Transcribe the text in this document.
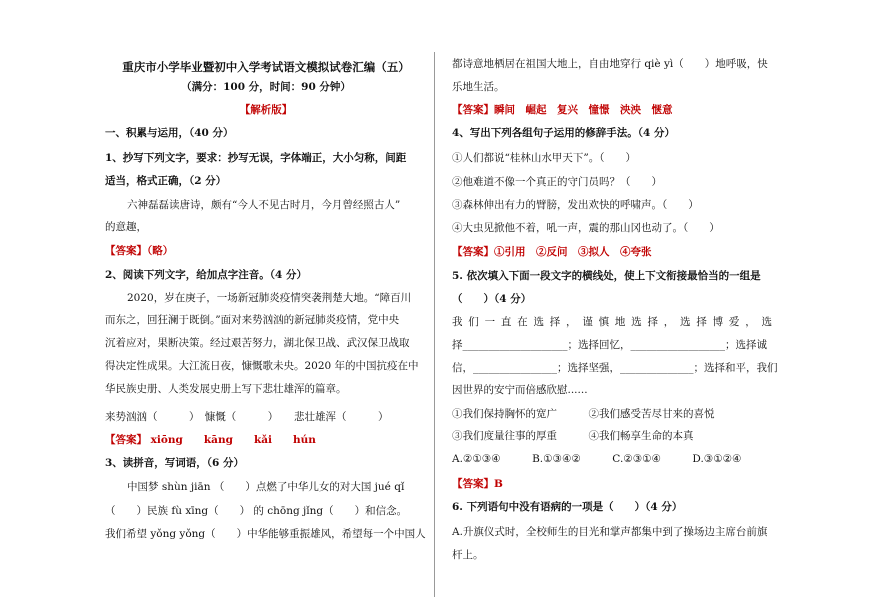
重庆市小学毕业暨初中入学考试语文模拟试卷汇编（五）
（满分：100 分，时间：90 分钟）
【解析版】
一、积累与运用，（40 分）
1、抄写下列文字，要求：抄写无误，字体端正，大小匀称，间距
适当，格式正确，（2 分）
六神磊磊读唐诗，颇有“今人不见古时月，今月曾经照古人”
的意趣，
【答案】（略）
2、阅读下列文字，给加点字注音。（4 分）
2020，岁在庚子，一场新冠肺炎疫情突袭荆楚大地。“障百川
而东之，回狂澜于既倒。”面对来势汹汹的新冠肺炎疫情，党中央
沉着应对，果断决策。经过艰苦努力，湖北保卫战、武汉保卫战取
得决定性成果。大江流日夜，慷慨歌未央。2020 年的中国抗疫在中
华民族史册、人类发展史册上写下悲壮雄浑的篇章。
来势汹汹（　　　）　慷慨（　　　）　　悲壮雄浑（　　　）
【答案】 xiōng　　kāng　　kǎi　　hún
3、读拼音，写词语，（6 分）
中国梦 shùn jiān （　　）点燃了中华儿女的对大国 jué qǐ
（　　）民族 fù xīng（　　） 的 chōng jǐng（　　）和信念。
我们希望 yǒng yǒng（　　）中华能够重振雄风，希望每一个中国人
都诗意地栖居在祖国大地上，自由地穿行 qiè yì（　　）地呼吸，快
乐地生活。
【答案】瞬间　崛起　复兴　憧憬　泱泱　惬意
4、写出下列各组句子运用的修辞手法。（4 分）
①人们都说“桂林山水甲天下”。（　　）
②他难道不像一个真正的守门员吗？（　　）
③森林伸出有力的臂膀，发出欢快的呼啸声。（　　）
④大虫见掀他不着，吼一声，震的那山冈也动了。（　　）
【答案】①引用　②反问　③拟人　④夸张
5. 依次填入下面一段文字的横线处，使上下文衔接最恰当的一组是
（　　）（4 分）
我们一直在选择，谨慎地选择，选择博爱，选
择____________________；选择回忆，__________________；选择诚
信，________________；选择坚强，______________；选择和平，我们
因世界的安宁而倍感欣慰......
①我们保持胸怀的宽广　　　②我们感受苦尽甘来的喜悦
③我们度量往事的厚重　　　④我们畅享生命的本真
A.②①③④　　　B.①③④②　　　C.②③①④　　　D.③①②④
【答案】B
6. 下列语句中没有语病的一项是（　　）（4 分）
A.升旗仪式时，全校师生的目光和掌声都集中到了操场边主席台前旗
杆上。
